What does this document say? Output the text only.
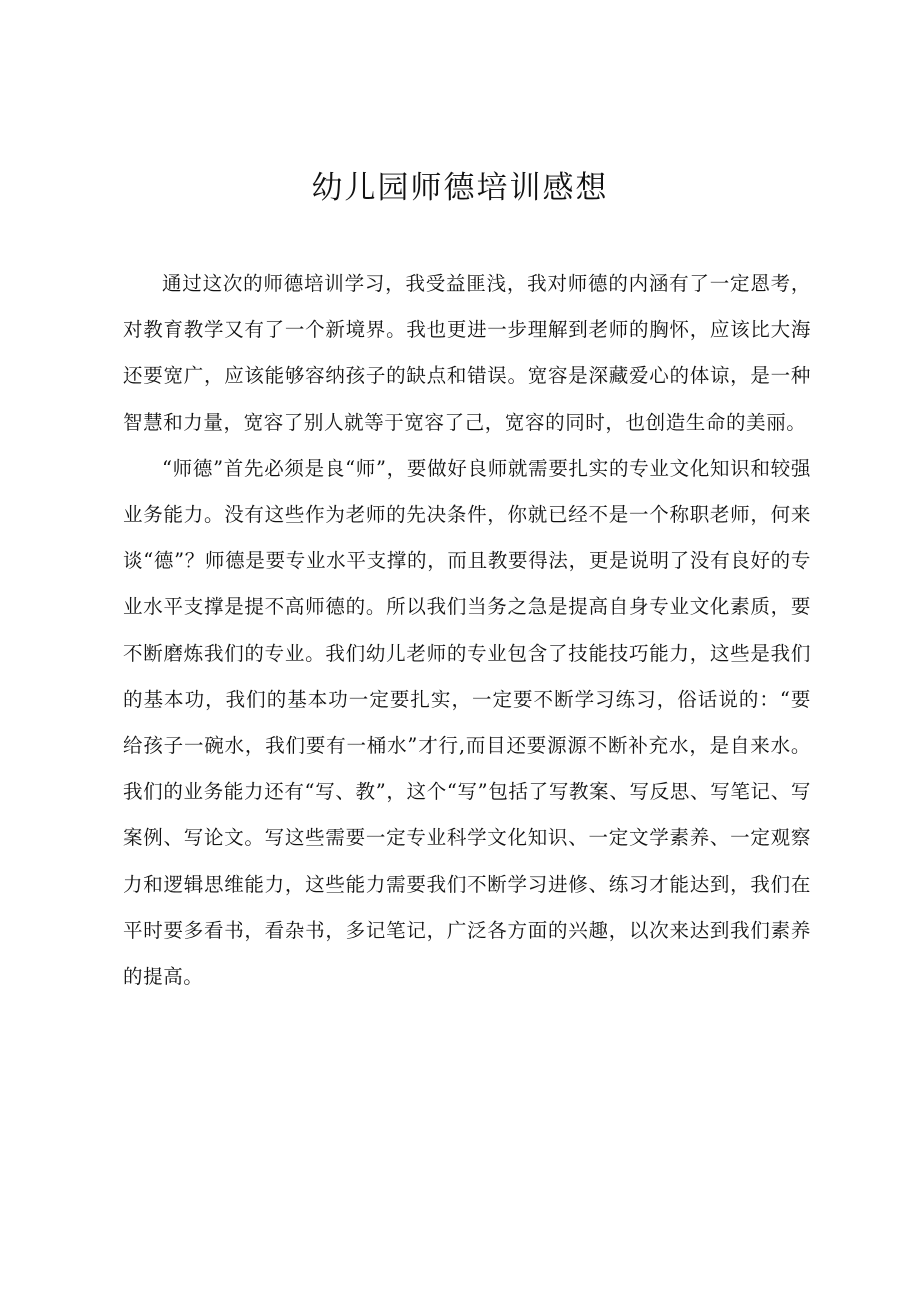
幼儿园师德培训感想

通过这次的师德培训学习，我受益匪浅，我对师德的内涵有了一定恩考，对教育教学又有了一个新境界。我也更进一步理解到老师的胸怀，应该比大海还要宽广，应该能够容纳孩子的缺点和错误。宽容是深藏爱心的体谅，是一种智慧和力量，宽容了别人就等于宽容了己，宽容的同时，也创造生命的美丽。

“师德”首先必须是良“师”，要做好良师就需要扎实的专业文化知识和较强业务能力。没有这些作为老师的先决条件，你就已经不是一个称职老师，何来谈“德”？师德是要专业水平支撑的，而且教要得法，更是说明了没有良好的专业水平支撑是提不高师德的。所以我们当务之急是提高自身专业文化素质，要不断磨炼我们的专业。我们幼儿老师的专业包含了技能技巧能力，这些是我们的基本功，我们的基本功一定要扎实，一定要不断学习练习，俗话说的：“要给孩子一碗水，我们要有一桶水”才行,而目还要源源不断补充水，是自来水。我们的业务能力还有“写、教”，这个“写”包括了写教案、写反思、写笔记、写案例、写论文。写这些需要一定专业科学文化知识、一定文学素养、一定观察力和逻辑思维能力，这些能力需要我们不断学习进修、练习才能达到，我们在平时要多看书，看杂书，多记笔记，广泛各方面的兴趣，以次来达到我们素养的提高。
